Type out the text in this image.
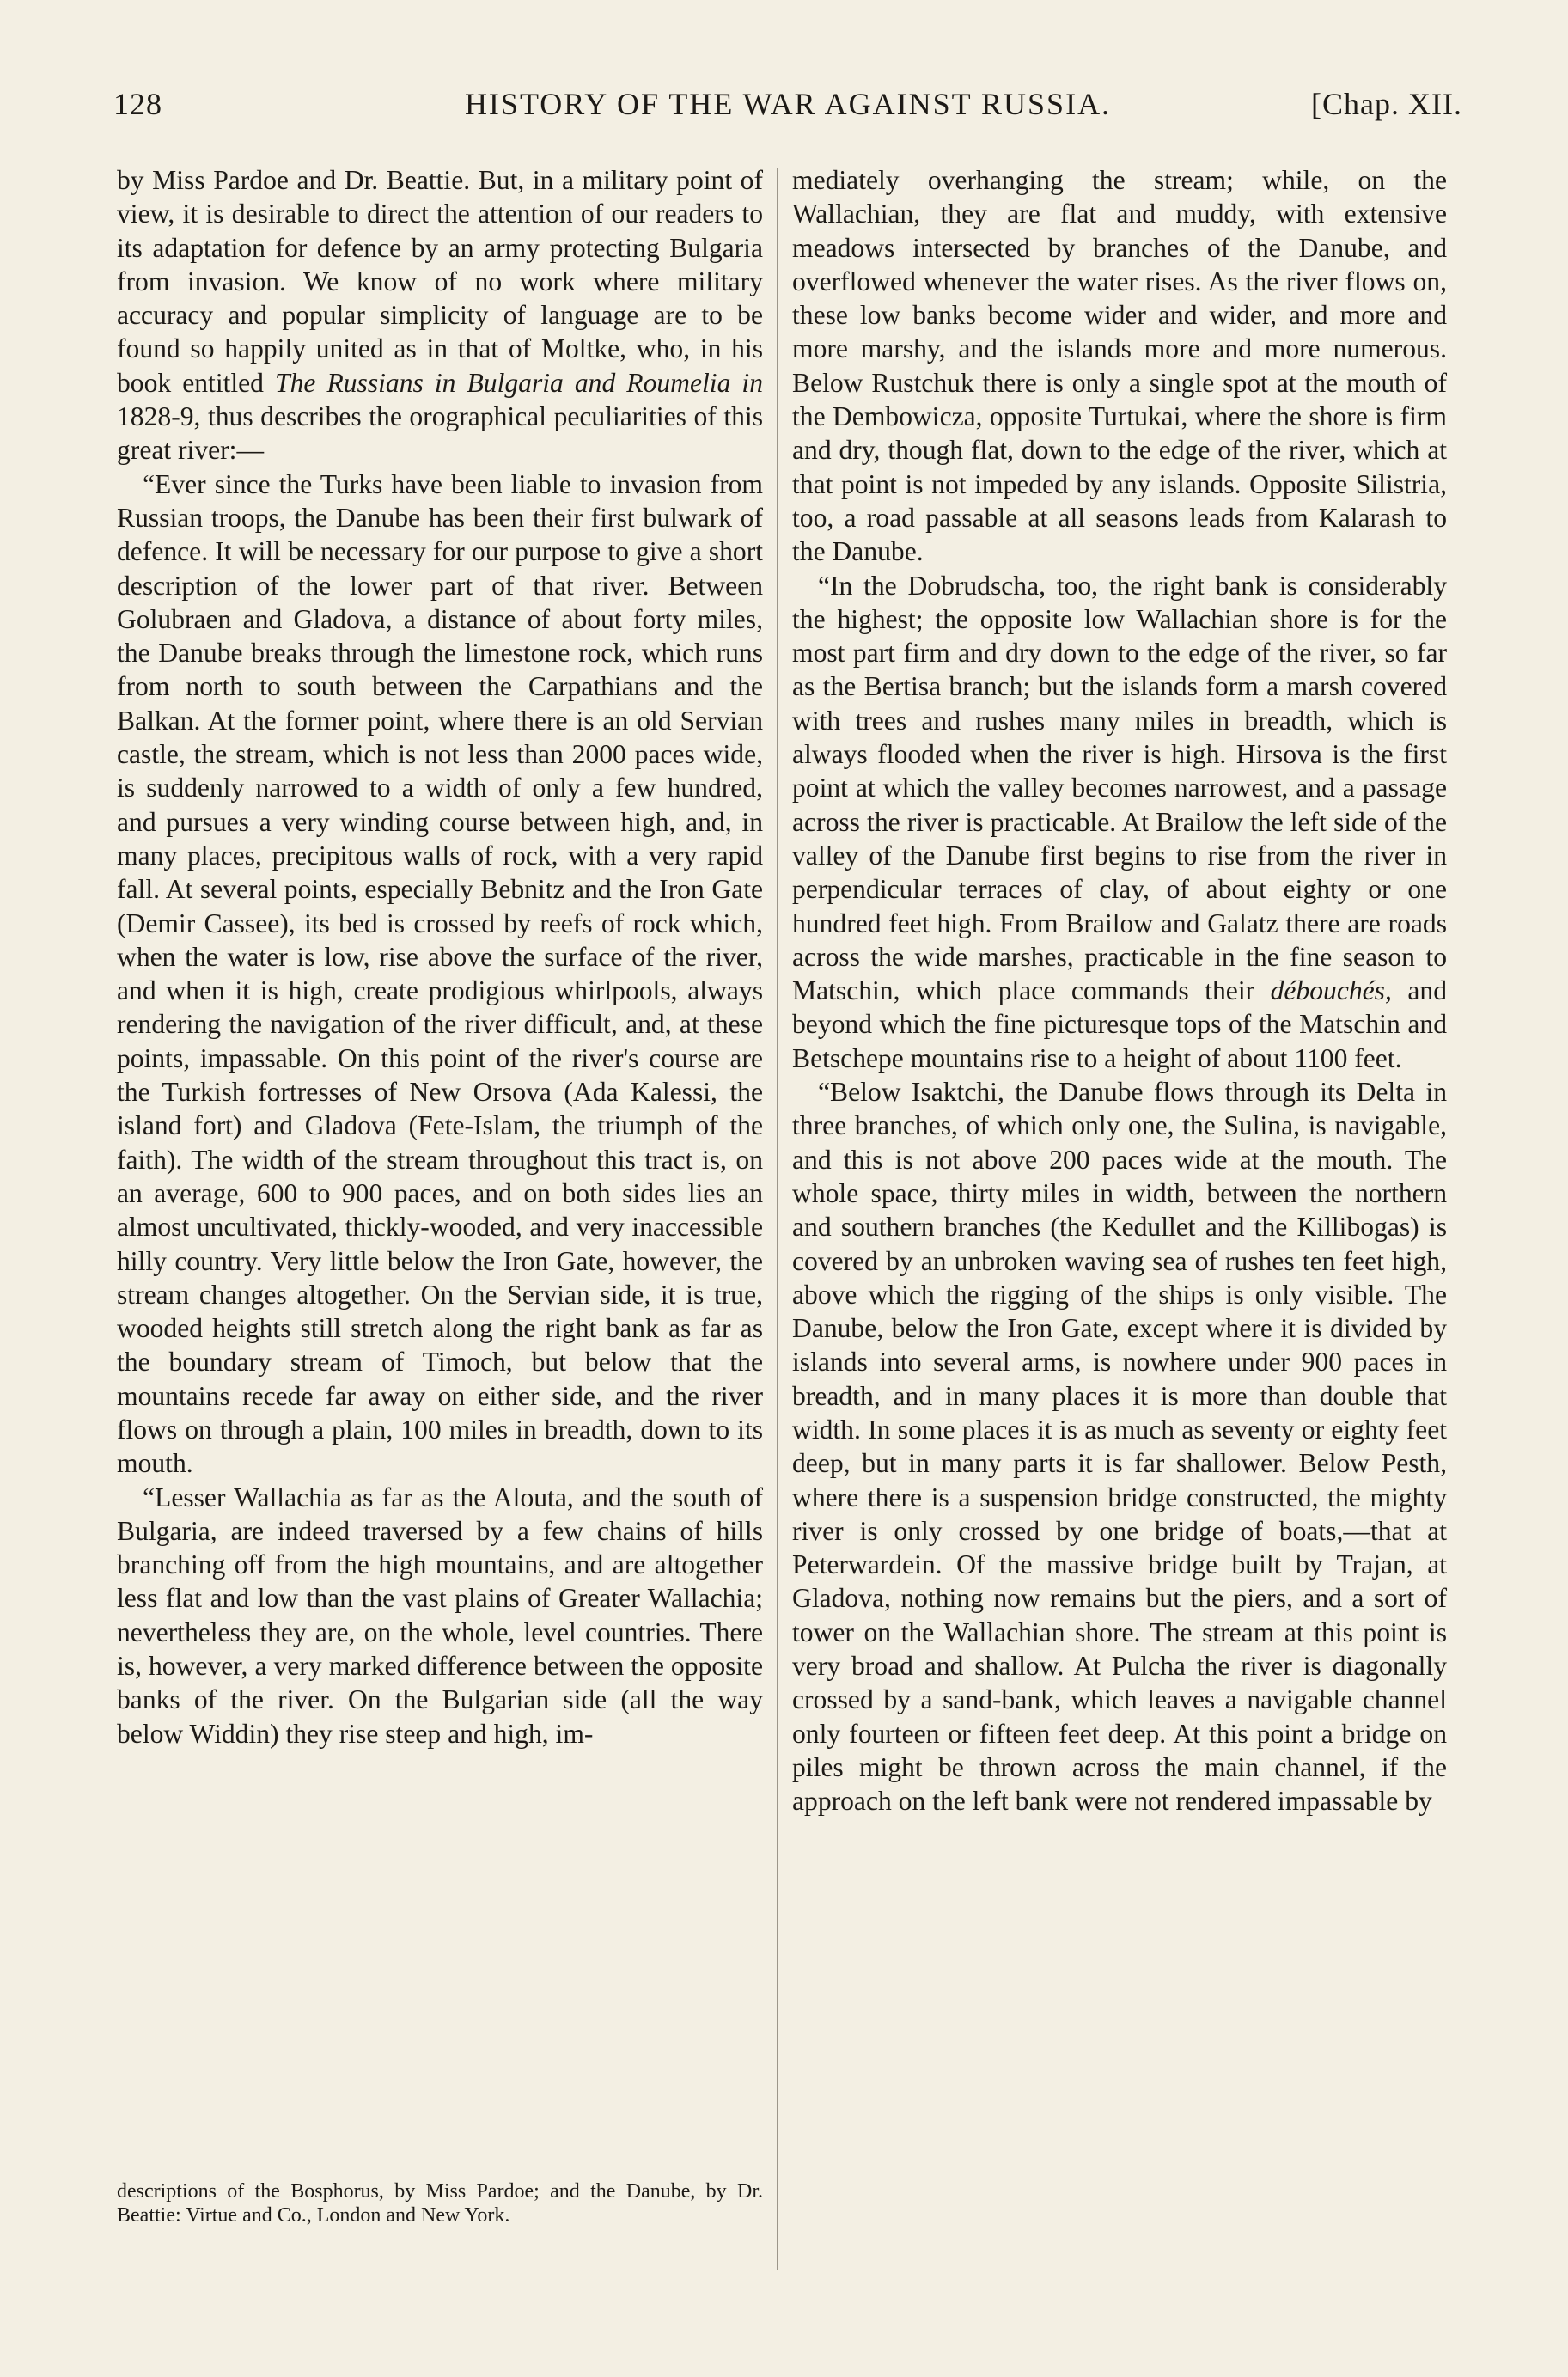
128	HISTORY OF THE WAR AGAINST RUSSIA.	[Chap. XII.

by Miss Pardoe and Dr. Beattie. But, in a military point of view, it is desirable to direct the attention of our readers to its adaptation for defence by an army protecting Bulgaria from invasion. We know of no work where military accuracy and popular simplicity of language are to be found so happily united as in that of Moltke, who, in his book entitled The Russians in Bulgaria and Roumelia in 1828-9, thus describes the orographical peculiarities of this great river:—

“Ever since the Turks have been liable to invasion from Russian troops, the Danube has been their first bulwark of defence. It will be necessary for our purpose to give a short description of the lower part of that river. Between Golubraen and Gladova, a distance of about forty miles, the Danube breaks through the limestone rock, which runs from north to south between the Carpathians and the Balkan. At the former point, where there is an old Servian castle, the stream, which is not less than 2000 paces wide, is suddenly narrowed to a width of only a few hundred, and pursues a very winding course between high, and, in many places, precipitous walls of rock, with a very rapid fall. At several points, especially Bebnitz and the Iron Gate (Demir Cassee), its bed is crossed by reefs of rock which, when the water is low, rise above the surface of the river, and when it is high, create prodigious whirlpools, always rendering the navigation of the river difficult, and, at these points, impassable. On this point of the river's course are the Turkish fortresses of New Orsova (Ada Kalessi, the island fort) and Gladova (Fete-Islam, the triumph of the faith). The width of the stream throughout this tract is, on an average, 600 to 900 paces, and on both sides lies an almost uncultivated, thickly-wooded, and very inaccessible hilly country. Very little below the Iron Gate, however, the stream changes altogether. On the Servian side, it is true, wooded heights still stretch along the right bank as far as the boundary stream of Timoch, but below that the mountains recede far away on either side, and the river flows on through a plain, 100 miles in breadth, down to its mouth.

“Lesser Wallachia as far as the Alouta, and the south of Bulgaria, are indeed traversed by a few chains of hills branching off from the high mountains, and are altogether less flat and low than the vast plains of Greater Wallachia; nevertheless they are, on the whole, level countries. There is, however, a very marked difference between the opposite banks of the river. On the Bulgarian side (all the way below Widdin) they rise steep and high, im-

descriptions of the Bosphorus, by Miss Pardoe; and the Danube, by Dr. Beattie: Virtue and Co., London and New York.

mediately overhanging the stream; while, on the Wallachian, they are flat and muddy, with extensive meadows intersected by branches of the Danube, and overflowed whenever the water rises. As the river flows on, these low banks become wider and wider, and more and more marshy, and the islands more and more numerous. Below Rustchuk there is only a single spot at the mouth of the Dembowicza, opposite Turtukai, where the shore is firm and dry, though flat, down to the edge of the river, which at that point is not impeded by any islands. Opposite Silistria, too, a road passable at all seasons leads from Kalarash to the Danube.

“In the Dobrudscha, too, the right bank is considerably the highest; the opposite low Wallachian shore is for the most part firm and dry down to the edge of the river, so far as the Bertisa branch; but the islands form a marsh covered with trees and rushes many miles in breadth, which is always flooded when the river is high. Hirsova is the first point at which the valley becomes narrowest, and a passage across the river is practicable. At Brailow the left side of the valley of the Danube first begins to rise from the river in perpendicular terraces of clay, of about eighty or one hundred feet high. From Brailow and Galatz there are roads across the wide marshes, practicable in the fine season to Matschin, which place commands their débouchés, and beyond which the fine picturesque tops of the Matschin and Betschepe mountains rise to a height of about 1100 feet.

“Below Isaktchi, the Danube flows through its Delta in three branches, of which only one, the Sulina, is navigable, and this is not above 200 paces wide at the mouth. The whole space, thirty miles in width, between the northern and southern branches (the Kedullet and the Killibogas) is covered by an unbroken waving sea of rushes ten feet high, above which the rigging of the ships is only visible. The Danube, below the Iron Gate, except where it is divided by islands into several arms, is nowhere under 900 paces in breadth, and in many places it is more than double that width. In some places it is as much as seventy or eighty feet deep, but in many parts it is far shallower. Below Pesth, where there is a suspension bridge constructed, the mighty river is only crossed by one bridge of boats,—that at Peterwardein. Of the massive bridge built by Trajan, at Gladova, nothing now remains but the piers, and a sort of tower on the Wallachian shore. The stream at this point is very broad and shallow. At Pulcha the river is diagonally crossed by a sand-bank, which leaves a navigable channel only fourteen or fifteen feet deep. At this point a bridge on piles might be thrown across the main channel, if the approach on the left bank were not rendered impassable by
